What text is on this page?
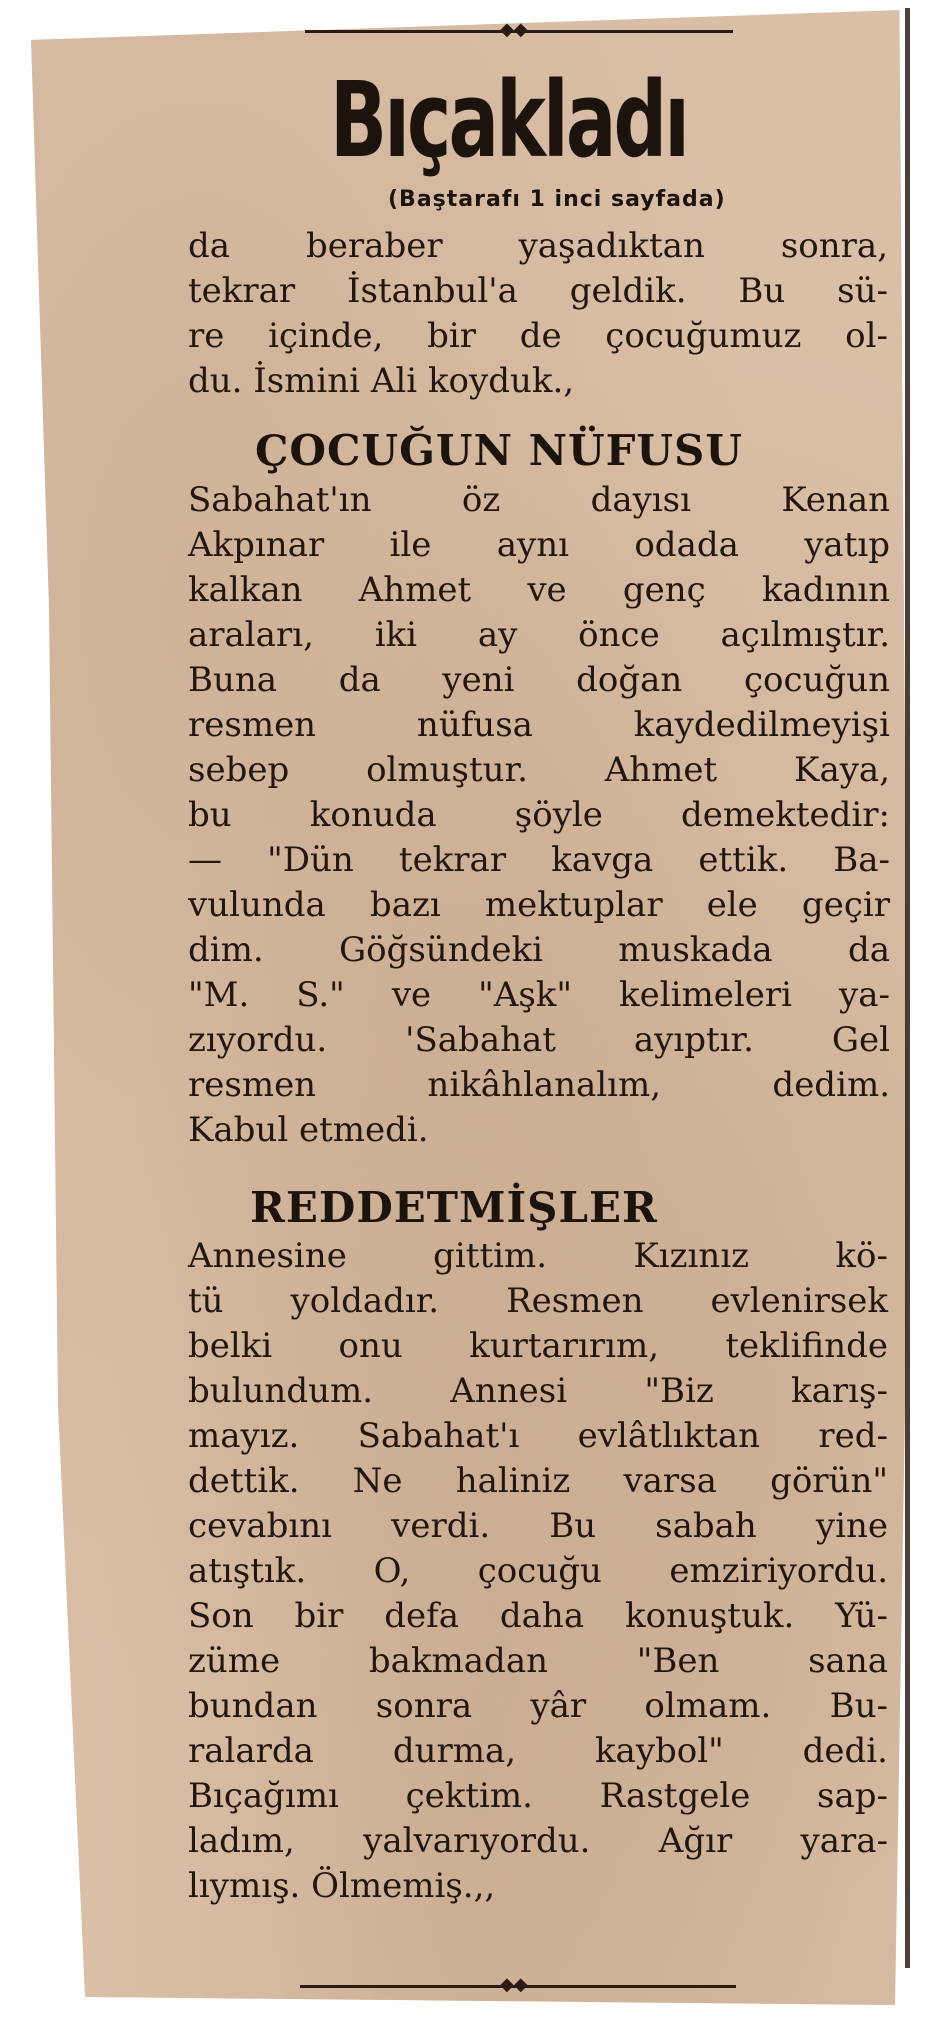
◆◆
Bıçakladı
(Baştarafı 1 inci sayfada)
da beraber yaşadıktan sonra,
tekrar İstanbul'a geldik. Bu sü-
re içinde, bir de çocuğumuz ol-
du. İsmini Ali koyduk.,
ÇOCUĞUN NÜFUSU
Sabahat'ın öz dayısı Kenan
Akpınar ile aynı odada yatıp
kalkan Ahmet ve genç kadının
araları, iki ay önce açılmıştır.
Buna da yeni doğan çocuğun
resmen nüfusa kaydedilmeyişi
sebep olmuştur. Ahmet Kaya,
bu konuda şöyle demektedir:
— "Dün tekrar kavga ettik. Ba-
vulunda bazı mektuplar ele geçir
dim. Göğsündeki muskada da
"M. S." ve "Aşk" kelimeleri ya-
zıyordu. 'Sabahat ayıptır. Gel
resmen nikâhlanalım, dedim.
Kabul etmedi.
REDDETMİŞLER
Annesine gittim. Kızınız kö-
tü yoldadır. Resmen evlenirsek
belki onu kurtarırım, teklifinde
bulundum. Annesi "Biz karış-
mayız. Sabahat'ı evlâtlıktan red-
dettik. Ne haliniz varsa görün"
cevabını verdi. Bu sabah yine
atıştık. O, çocuğu emziriyordu.
Son bir defa daha konuştuk. Yü-
züme bakmadan "Ben sana
bundan sonra yâr olmam. Bu-
ralarda durma, kaybol" dedi.
Bıçağımı çektim. Rastgele sap-
ladım, yalvarıyordu. Ağır yara-
lıymış. Ölmemiş.,,
◆◆
